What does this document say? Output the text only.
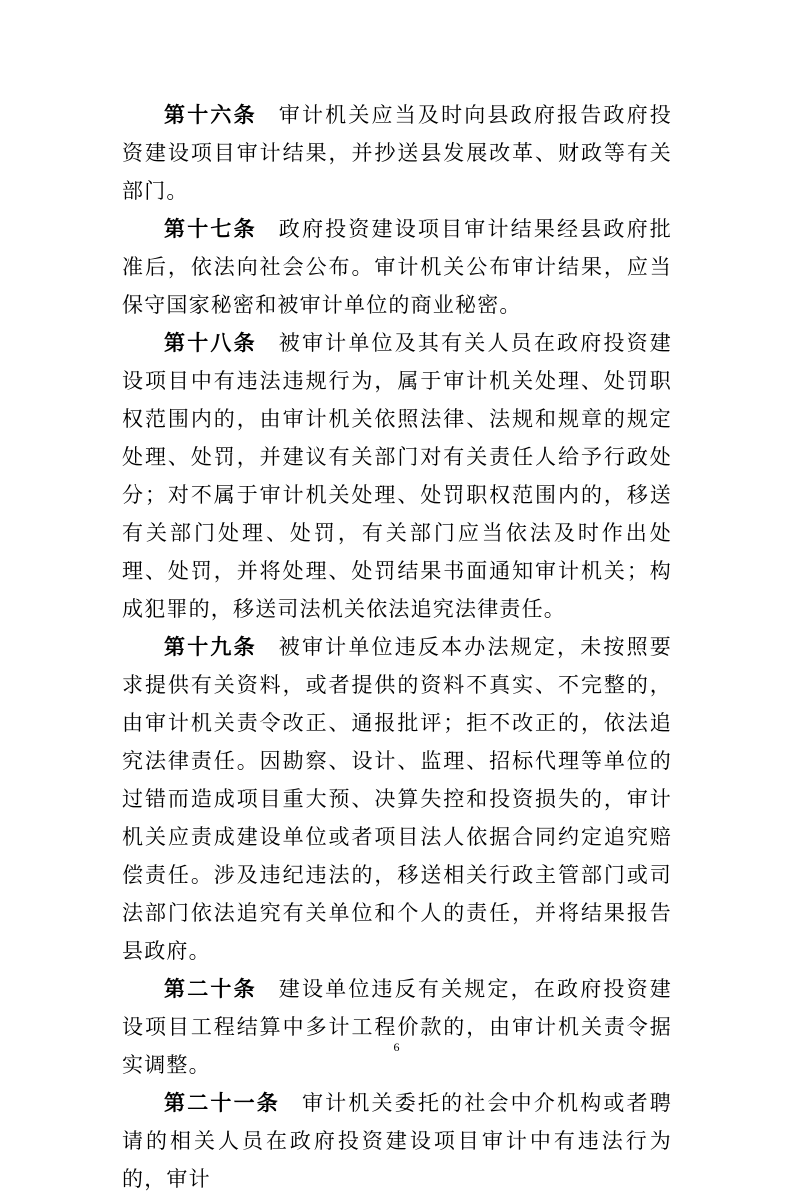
第十六条 审计机关应当及时向县政府报告政府投资建设项目审计结果，并抄送县发展改革、财政等有关部门。

第十七条 政府投资建设项目审计结果经县政府批准后，依法向社会公布。审计机关公布审计结果，应当保守国家秘密和被审计单位的商业秘密。

第十八条 被审计单位及其有关人员在政府投资建设项目中有违法违规行为，属于审计机关处理、处罚职权范围内的，由审计机关依照法律、法规和规章的规定处理、处罚，并建议有关部门对有关责任人给予行政处分；对不属于审计机关处理、处罚职权范围内的，移送有关部门处理、处罚，有关部门应当依法及时作出处理、处罚，并将处理、处罚结果书面通知审计机关；构成犯罪的，移送司法机关依法追究法律责任。

第十九条 被审计单位违反本办法规定，未按照要求提供有关资料，或者提供的资料不真实、不完整的，由审计机关责令改正、通报批评；拒不改正的，依法追究法律责任。因勘察、设计、监理、招标代理等单位的过错而造成项目重大预、决算失控和投资损失的，审计机关应责成建设单位或者项目法人依据合同约定追究赔偿责任。涉及违纪违法的，移送相关行政主管部门或司法部门依法追究有关单位和个人的责任，并将结果报告县政府。

第二十条 建设单位违反有关规定，在政府投资建设项目工程结算中多计工程价款的，由审计机关责令据实调整。

第二十一条 审计机关委托的社会中介机构或者聘请的相关人员在政府投资建设项目审计中有违法行为的，审计

6
